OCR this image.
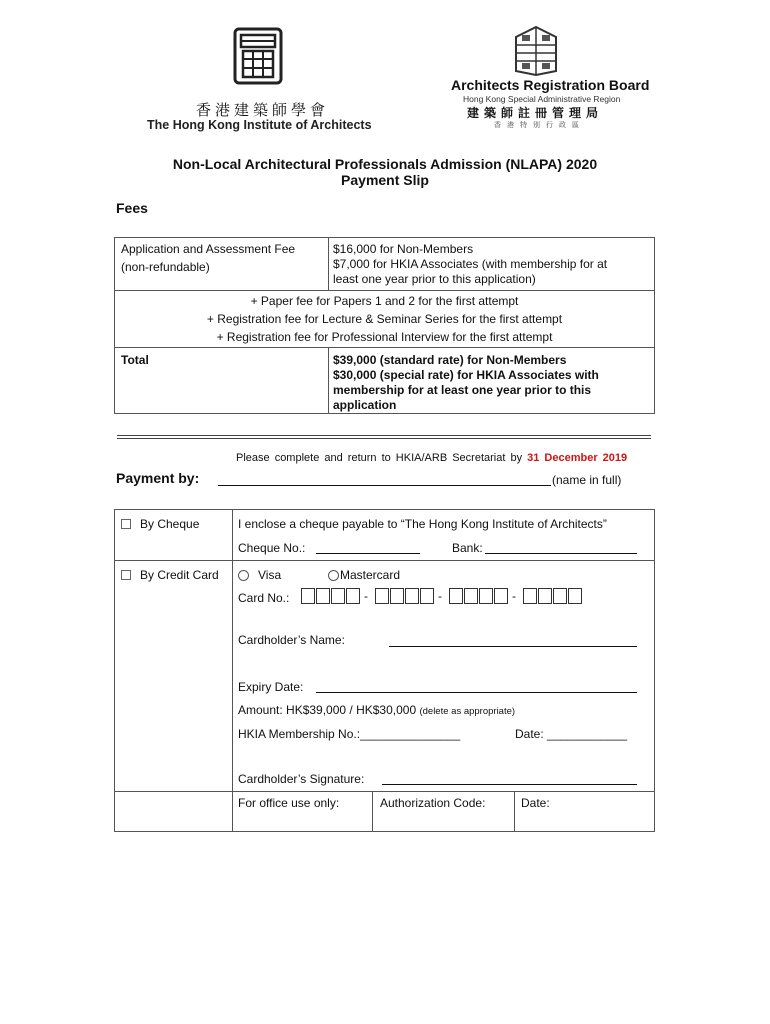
香港建築師學會
The Hong Kong Institute of Architects
Architects Registration Board
Hong Kong Special Administrative Region
建築師註冊管理局
香港特別行政區
Non-Local Architectural Professionals Admission (NLAPA) 2020
Payment Slip
Fees
Application and Assessment Fee
(non-refundable)
$16,000 for Non-Members
$7,000 for HKIA Associates (with membership for at
least one year prior to this application)
+ Paper fee for Papers 1 and 2 for the first attempt
+ Registration fee for Lecture & Seminar Series for the first attempt
+ Registration fee for Professional Interview for the first attempt
Total	$39,000 (standard rate) for Non-Members
$30,000 (special rate) for HKIA Associates with
membership for at least one year prior to this
application
Please complete and return to HKIA/ARB Secretariat by 31 December 2019
Payment by:	(name in full)
By Cheque	I enclose a cheque payable to “The Hong Kong Institute of Architects”
Cheque No.:	Bank:
By Credit Card	Visa	Mastercard
Card No.:	-	-	-
Cardholder’s Name:
Expiry Date:
Amount: HK$39,000 / HK$30,000 (delete as appropriate)
HKIA Membership No.:_______________	Date: ____________
Cardholder’s Signature:
For office use only:	Authorization Code:	Date:
